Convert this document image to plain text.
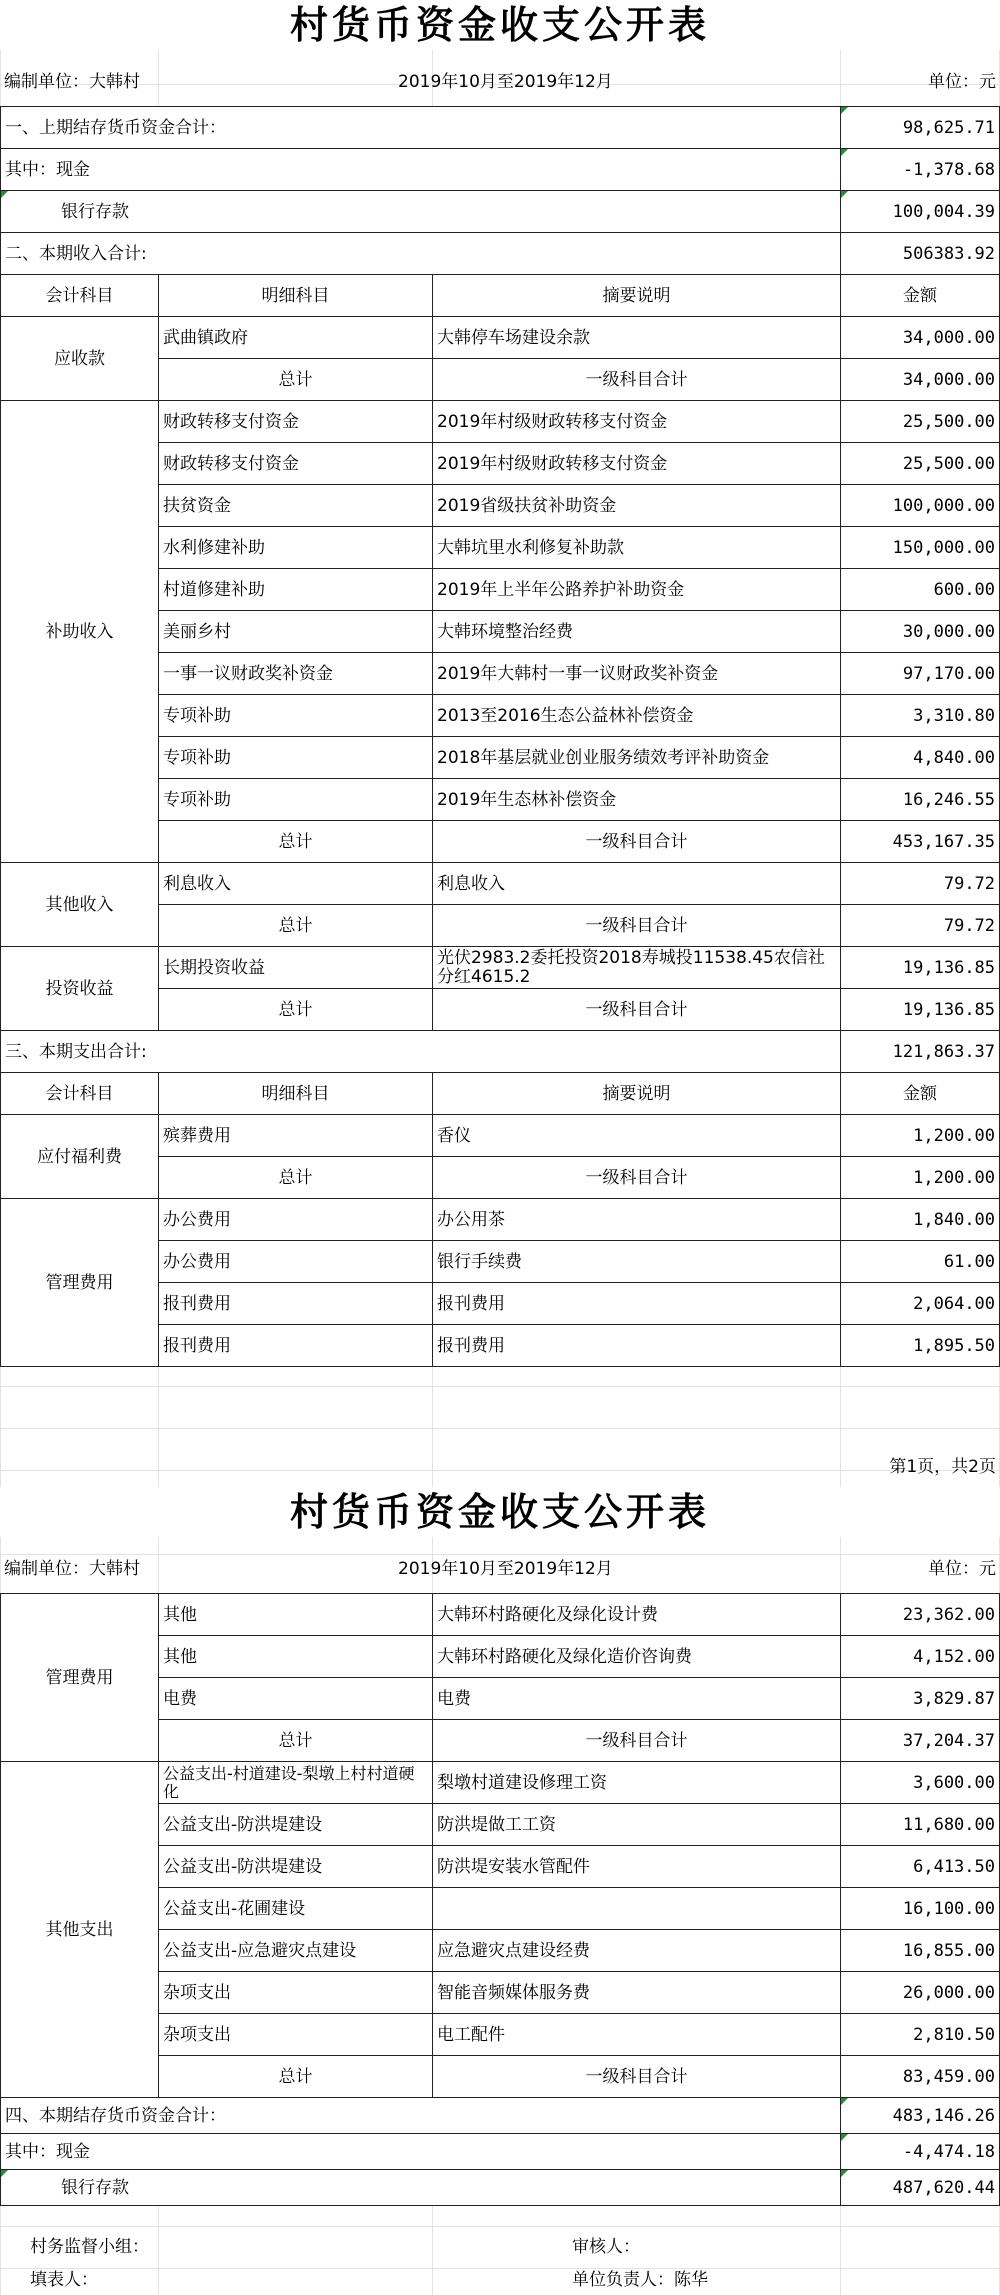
村货币资金收支公开表
编制单位：大韩村	2019年10月至2019年12月	单位：元
一、上期结存货币资金合计：			98,625.71
其中：现金			-1,378.68
银行存款			100,004.39
二、本期收入合计:			506383.92
会计科目	明细科目	摘要说明	金额
应收款	武曲镇政府	大韩停车场建设余款	34,000.00
	总计	一级科目合计	34,000.00
补助收入	财政转移支付资金	2019年村级财政转移支付资金	25,500.00
	财政转移支付资金	2019年村级财政转移支付资金	25,500.00
	扶贫资金	2019省级扶贫补助资金	100,000.00
	水利修建补助	大韩坑里水利修复补助款	150,000.00
	村道修建补助	2019年上半年公路养护补助资金	600.00
	美丽乡村	大韩环境整治经费	30,000.00
	一事一议财政奖补资金	2019年大韩村一事一议财政奖补资金	97,170.00
	专项补助	2013至2016生态公益林补偿资金	3,310.80
	专项补助	2018年基层就业创业服务绩效考评补助资金	4,840.00
	专项补助	2019年生态林补偿资金	16,246.55
	总计	一级科目合计	453,167.35
其他收入	利息收入	利息收入	79.72
	总计	一级科目合计	79.72
投资收益	长期投资收益	光伏2983.2委托投资2018寿城投11538.45农信社分红4615.2	19,136.85
	总计	一级科目合计	19,136.85
三、本期支出合计:			121,863.37
会计科目	明细科目	摘要说明	金额
应付福利费	殡葬费用	香仪	1,200.00
	总计	一级科目合计	1,200.00
管理费用	办公费用	办公用茶	1,840.00
	办公费用	银行手续费	61.00
	报刊费用	报刊费用	2,064.00
	报刊费用	报刊费用	1,895.50
第1页，共2页
村货币资金收支公开表
编制单位：大韩村	2019年10月至2019年12月	单位：元
管理费用	其他	大韩环村路硬化及绿化设计费	23,362.00
	其他	大韩环村路硬化及绿化造价咨询费	4,152.00
	电费	电费	3,829.87
	总计	一级科目合计	37,204.37
其他支出	公益支出-村道建设-梨墩上村村道硬化	梨墩村道建设修理工资	3,600.00
	公益支出-防洪堤建设	防洪堤做工工资	11,680.00
	公益支出-防洪堤建设	防洪堤安装水管配件	6,413.50
	公益支出-花圃建设		16,100.00
	公益支出-应急避灾点建设	应急避灾点建设经费	16,855.00
	杂项支出	智能音频媒体服务费	26,000.00
	杂项支出	电工配件	2,810.50
	总计	一级科目合计	83,459.00
四、本期结存货币资金合计：			483,146.26
其中：现金			-4,474.18
银行存款			487,620.44
村务监督小组：	审核人：
填表人：	单位负责人：陈华
